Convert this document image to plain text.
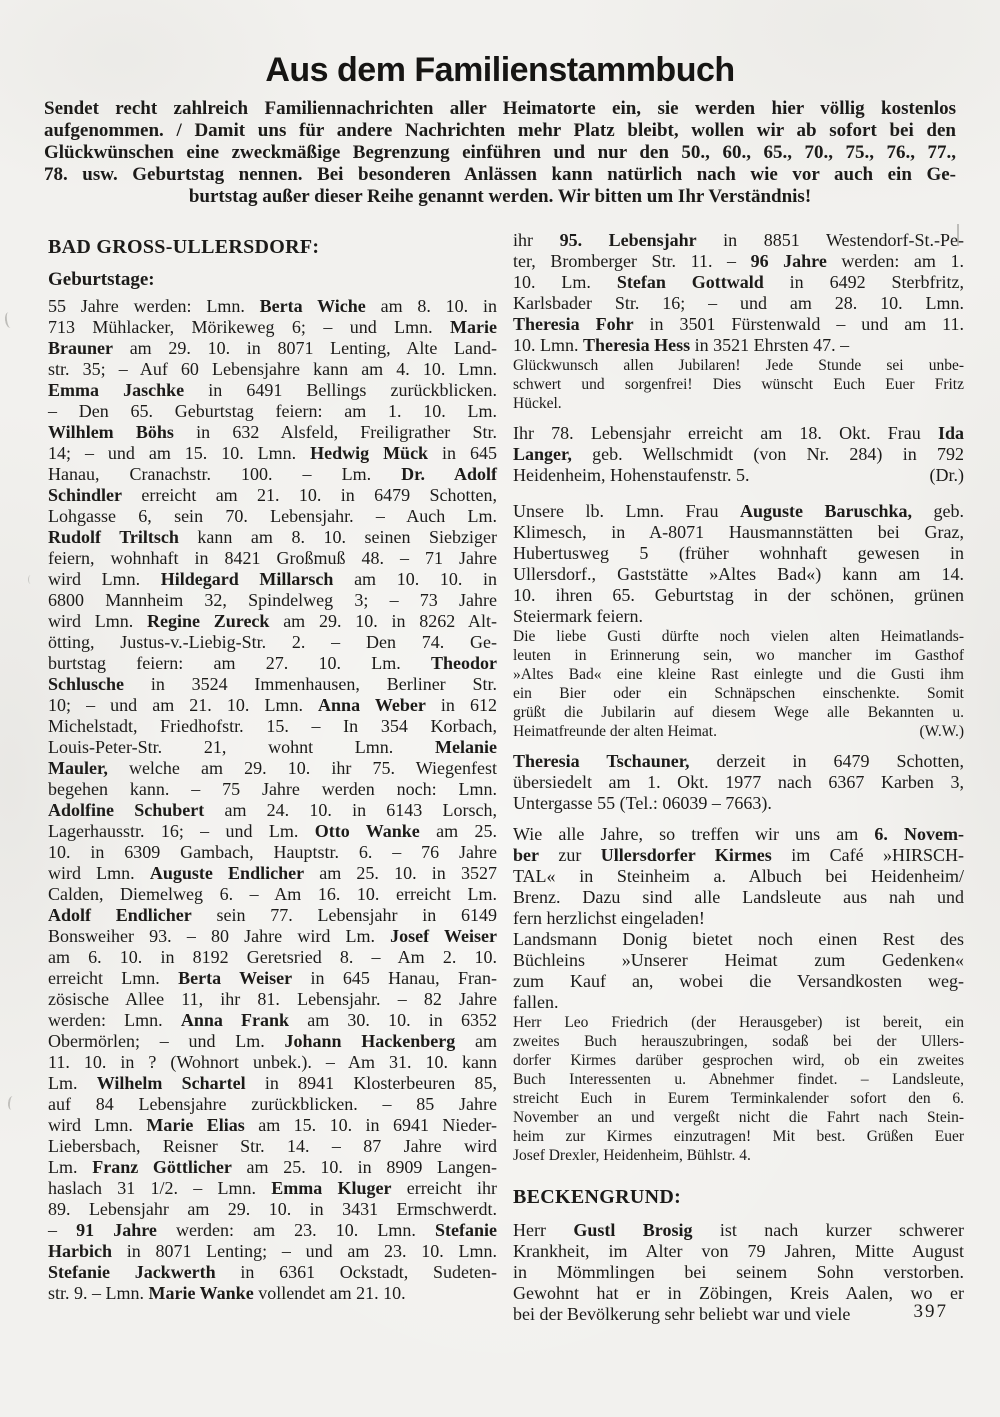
Aus dem Familienstammbuch
Sendet recht zahlreich Familiennachrichten aller Heimatorte ein, sie werden hier völlig kostenlos
aufgenommen. / Damit uns für andere Nachrichten mehr Platz bleibt, wollen wir ab sofort bei den
Glückwünschen eine zweckmäßige Begrenzung einführen und nur den 50., 60., 65., 70., 75., 76., 77.,
78. usw. Geburtstag nennen. Bei besonderen Anlässen kann natürlich nach wie vor auch ein Ge-
burtstag außer dieser Reihe genannt werden. Wir bitten um Ihr Verständnis!
BAD GROSS-ULLERSDORF:
Geburtstage:
55 Jahre werden: Lmn. Berta Wiche am 8. 10. in
713 Mühlacker, Mörikeweg 6; – und Lmn. Marie
Brauner am 29. 10. in 8071 Lenting, Alte Land-
str. 35; – Auf 60 Lebensjahre kann am 4. 10. Lmn.
Emma Jaschke in 6491 Bellings zurückblicken.
– Den 65. Geburtstag feiern: am 1. 10. Lm.
Wilhlem Böhs in 632 Alsfeld, Freiligrather Str.
14; – und am 15. 10. Lmn. Hedwig Mück in 645
Hanau, Cranachstr. 100. – Lm. Dr. Adolf
Schindler erreicht am 21. 10. in 6479 Schotten,
Lohgasse 6, sein 70. Lebensjahr. – Auch Lm.
Rudolf Triltsch kann am 8. 10. seinen Siebziger
feiern, wohnhaft in 8421 Großmuß 48. – 71 Jahre
wird Lmn. Hildegard Millarsch am 10. 10. in
6800 Mannheim 32, Spindelweg 3; – 73 Jahre
wird Lmn. Regine Zureck am 29. 10. in 8262 Alt-
ötting, Justus-v.-Liebig-Str. 2. – Den 74. Ge-
burtstag feiern: am 27. 10. Lm. Theodor
Schlusche in 3524 Immenhausen, Berliner Str.
10; – und am 21. 10. Lmn. Anna Weber in 612
Michelstadt, Friedhofstr. 15. – In 354 Korbach,
Louis-Peter-Str. 21, wohnt Lmn. Melanie
Mauler, welche am 29. 10. ihr 75. Wiegenfest
begehen kann. – 75 Jahre werden noch: Lmn.
Adolfine Schubert am 24. 10. in 6143 Lorsch,
Lagerhausstr. 16; – und Lm. Otto Wanke am 25.
10. in 6309 Gambach, Hauptstr. 6. – 76 Jahre
wird Lmn. Auguste Endlicher am 25. 10. in 3527
Calden, Diemelweg 6. – Am 16. 10. erreicht Lm.
Adolf Endlicher sein 77. Lebensjahr in 6149
Bonsweiher 93. – 80 Jahre wird Lm. Josef Weiser
am 6. 10. in 8192 Geretsried 8. – Am 2. 10.
erreicht Lmn. Berta Weiser in 645 Hanau, Fran-
zösische Allee 11, ihr 81. Lebensjahr. – 82 Jahre
werden: Lmn. Anna Frank am 30. 10. in 6352
Obermörlen; – und Lm. Johann Hackenberg am
11. 10. in ? (Wohnort unbek.). – Am 31. 10. kann
Lm. Wilhelm Schartel in 8941 Klosterbeuren 85,
auf 84 Lebensjahre zurückblicken. – 85 Jahre
wird Lmn. Marie Elias am 15. 10. in 6941 Nieder-
Liebersbach, Reisner Str. 14. – 87 Jahre wird
Lm. Franz Göttlicher am 25. 10. in 8909 Langen-
haslach 31 1/2. – Lmn. Emma Kluger erreicht ihr
89. Lebensjahr am 29. 10. in 3431 Ermschwerdt.
– 91 Jahre werden: am 23. 10. Lmn. Stefanie
Harbich in 8071 Lenting; – und am 23. 10. Lmn.
Stefanie Jackwerth in 6361 Ockstadt, Sudeten-
str. 9. – Lmn. Marie Wanke vollendet am 21. 10.
ihr 95. Lebensjahr in 8851 Westendorf-St.-Pe-
ter, Bromberger Str. 11. – 96 Jahre werden: am 1.
10. Lm. Stefan Gottwald in 6492 Sterbfritz,
Karlsbader Str. 16; – und am 28. 10. Lmn.
Theresia Fohr in 3501 Fürstenwald – und am 11.
10. Lmn. Theresia Hess in 3521 Ehrsten 47. –
Glückwunsch allen Jubilaren! Jede Stunde sei unbe-
schwert und sorgenfrei! Dies wünscht Euch Euer Fritz
Hückel.
Ihr 78. Lebensjahr erreicht am 18. Okt. Frau Ida
Langer, geb. Wellschmidt (von Nr. 284) in 792
Heidenheim, Hohenstaufenstr. 5.	(Dr.)
Unsere lb. Lmn. Frau Auguste Baruschka, geb.
Klimesch, in A-8071 Hausmannstätten bei Graz,
Hubertusweg 5 (früher wohnhaft gewesen in
Ullersdorf., Gaststätte »Altes Bad«) kann am 14.
10. ihren 65. Geburtstag in der schönen, grünen
Steiermark feiern.
Die liebe Gusti dürfte noch vielen alten Heimatlands-
leuten in Erinnerung sein, wo mancher im Gasthof
»Altes Bad« eine kleine Rast einlegte und die Gusti ihm
ein Bier oder ein Schnäpschen einschenkte. Somit
grüßt die Jubilarin auf diesem Wege alle Bekannten u.
Heimatfreunde der alten Heimat.	(W.W.)
Theresia Tschauner, derzeit in 6479 Schotten,
übersiedelt am 1. Okt. 1977 nach 6367 Karben 3,
Untergasse 55 (Tel.: 06039 – 7663).
Wie alle Jahre, so treffen wir uns am 6. Novem-
ber zur Ullersdorfer Kirmes im Café »HIRSCH-
TAL« in Steinheim a. Albuch bei Heidenheim/
Brenz. Dazu sind alle Landsleute aus nah und
fern herzlichst eingeladen!
Landsmann Donig bietet noch einen Rest des
Büchleins »Unserer Heimat zum Gedenken«
zum Kauf an, wobei die Versandkosten weg-
fallen.
Herr Leo Friedrich (der Herausgeber) ist bereit, ein
zweites Buch herauszubringen, sodaß bei der Ullers-
dorfer Kirmes darüber gesprochen wird, ob ein zweites
Buch Interessenten u. Abnehmer findet. – Landsleute,
streicht Euch in Eurem Terminkalender sofort den 6.
November an und vergeßt nicht die Fahrt nach Stein-
heim zur Kirmes einzutragen! Mit best. Grüßen Euer
Josef Drexler, Heidenheim, Bühlstr. 4.
BECKENGRUND:
Herr Gustl Brosig ist nach kurzer schwerer
Krankheit, im Alter von 79 Jahren, Mitte August
in Mömmlingen bei seinem Sohn verstorben.
Gewohnt hat er in Zöbingen, Kreis Aalen, wo er
bei der Bevölkerung sehr beliebt war und viele	397
